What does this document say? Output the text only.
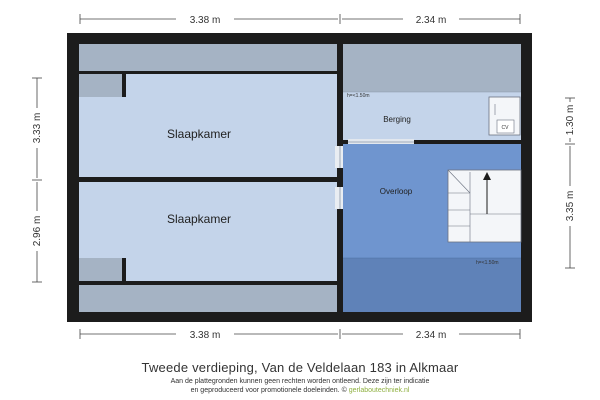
3.38 m	2.34 m
3.38 m	2.34 m
3.33 m
2.96 m
1.30 m
3.35 m
CV
Slaapkamer
Slaapkamer
Berging
Overloop
h=<1.50m
h=<1.50m
Tweede verdieping, Van de Veldelaan 183 in Alkmaar
Aan de plattegronden kunnen geen rechten worden ontleend. Deze zijn ter indicatie
en geproduceerd voor promotionele doeleinden. © gerlaboutechniek.nl
